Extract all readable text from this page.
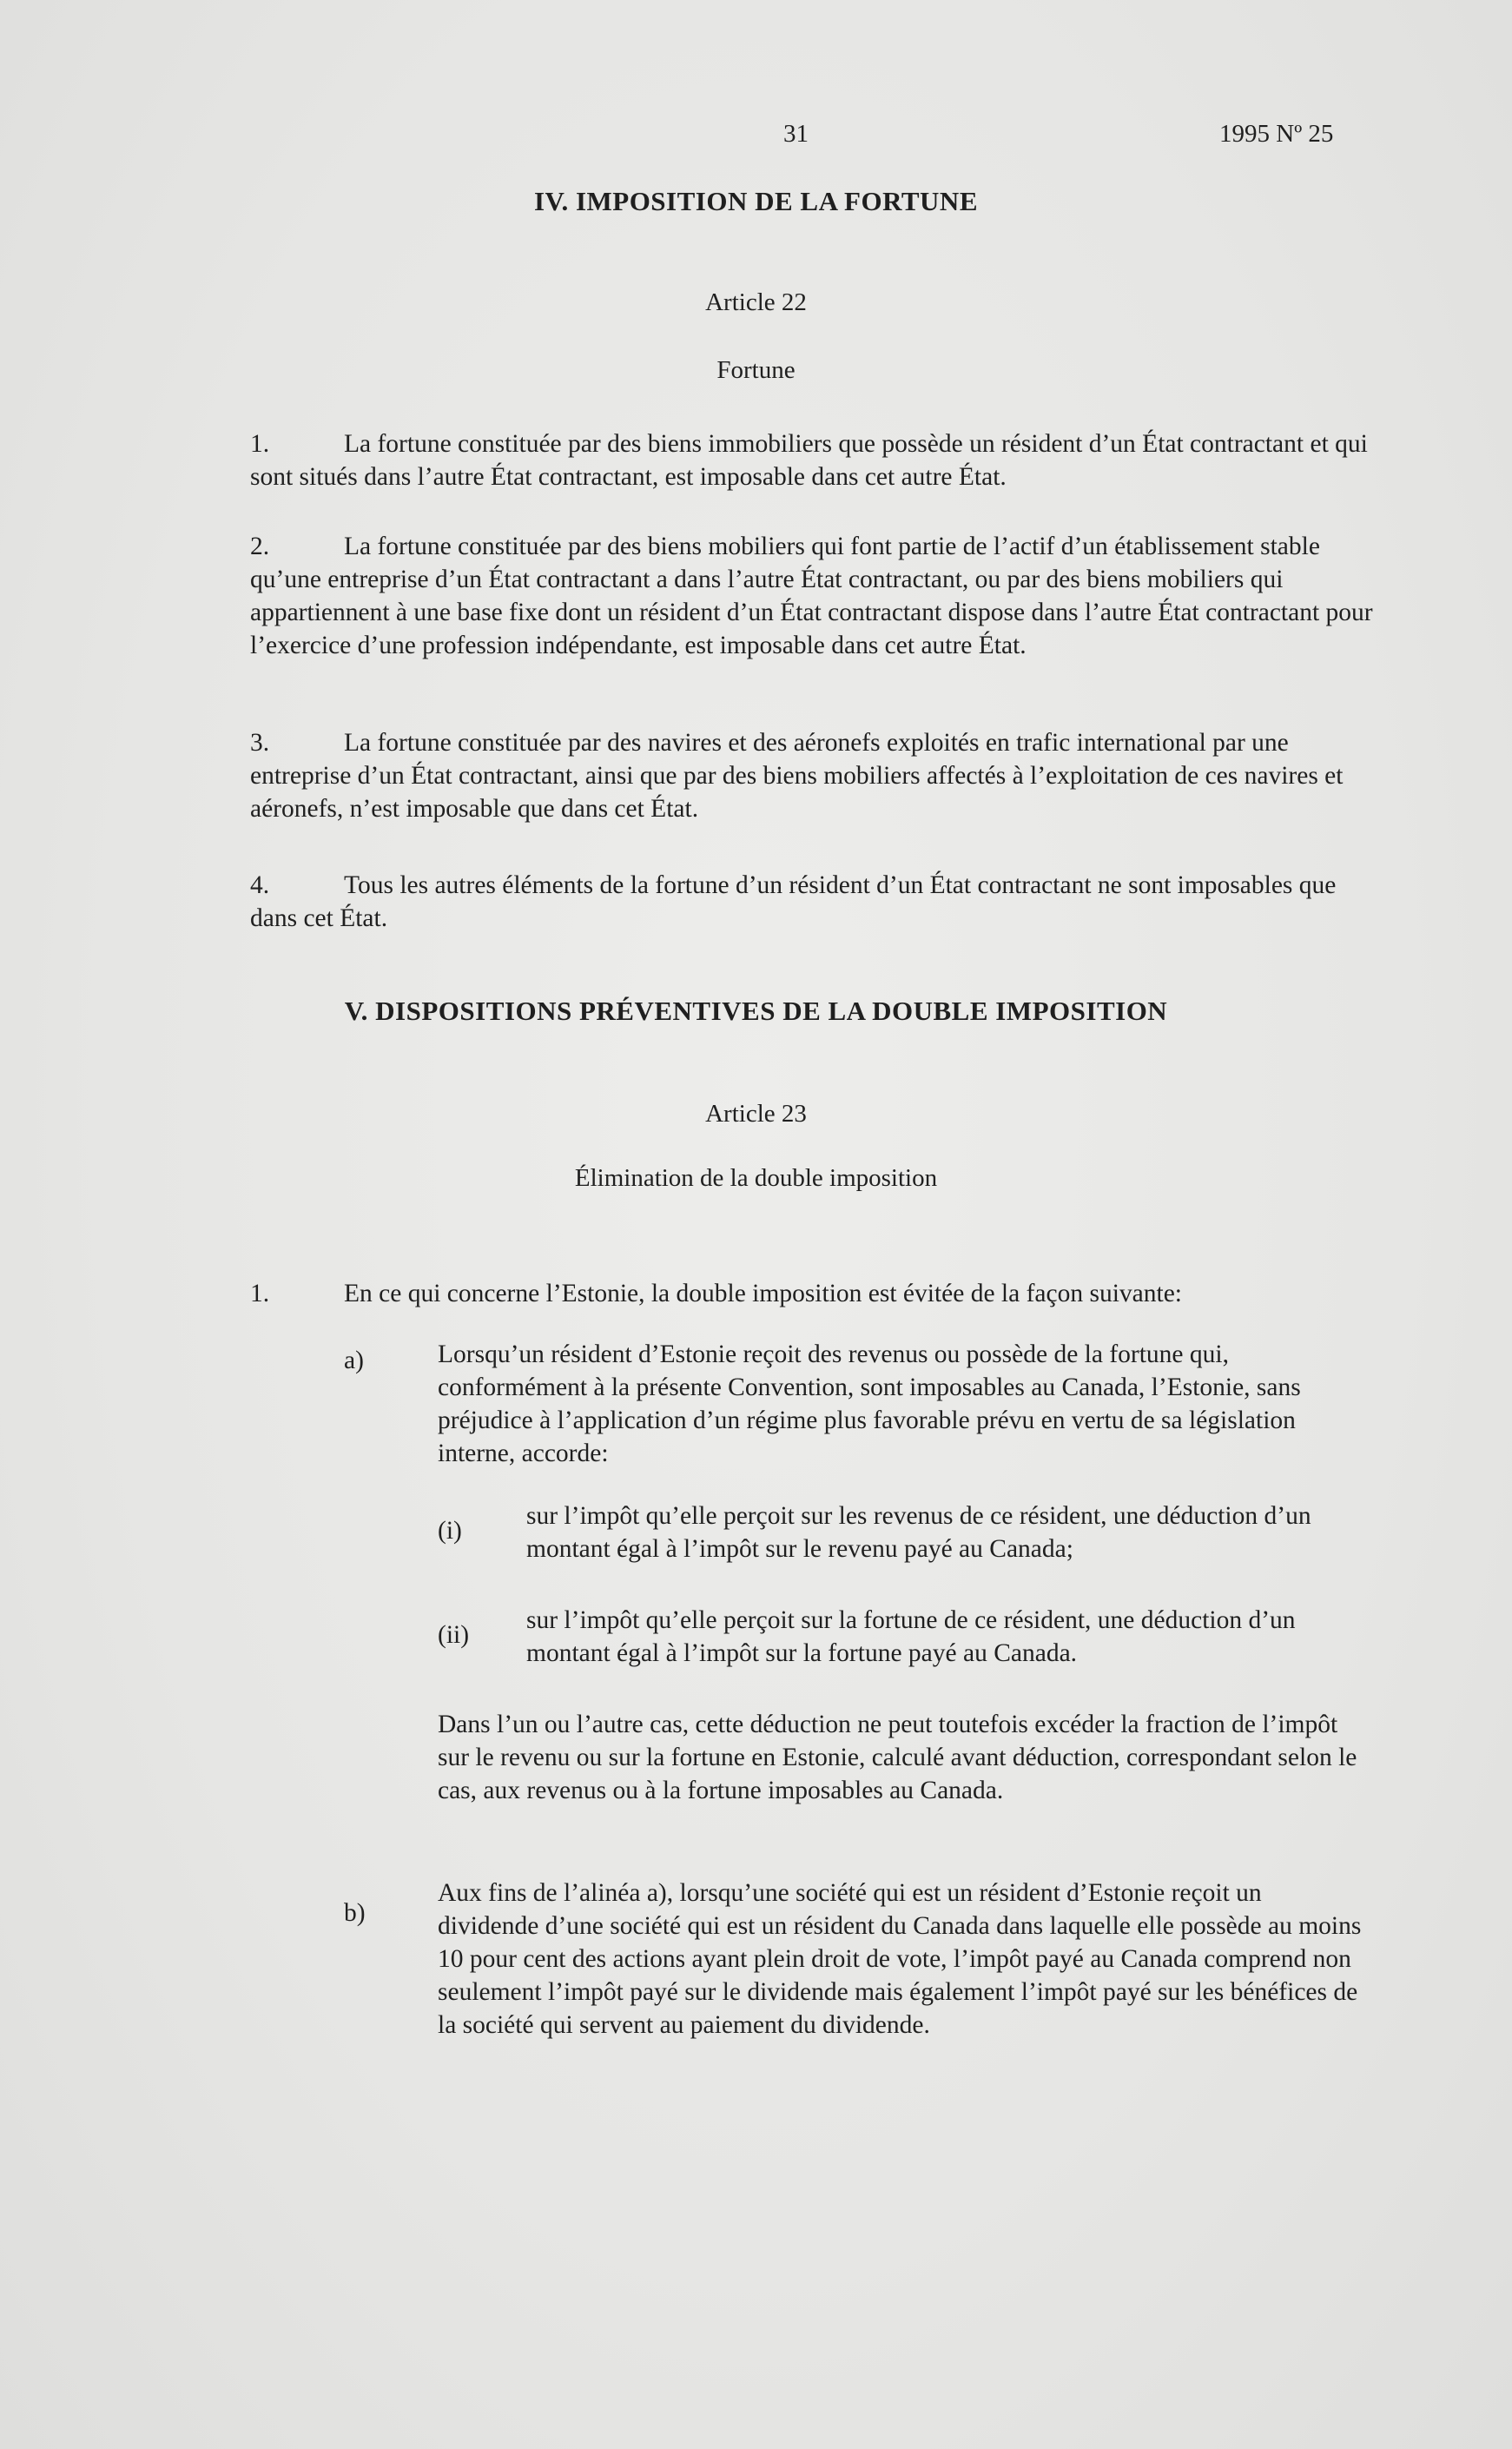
31	1995 Nº 25
IV. IMPOSITION DE LA FORTUNE
Article 22
Fortune
1.	La fortune constituée par des biens immobiliers que possède un résident d’un État contractant et qui sont situés dans l’autre État contractant, est imposable dans cet autre État.
2.	La fortune constituée par des biens mobiliers qui font partie de l’actif d’un établissement stable qu’une entreprise d’un État contractant a dans l’autre État contractant, ou par des biens mobiliers qui appartiennent à une base fixe dont un résident d’un État contractant dispose dans l’autre État contractant pour l’exercice d’une profession indépendante, est imposable dans cet autre État.
3.	La fortune constituée par des navires et des aéronefs exploités en trafic international par une entreprise d’un État contractant, ainsi que par des biens mobiliers affectés à l’exploitation de ces navires et aéronefs, n’est imposable que dans cet État.
4.	Tous les autres éléments de la fortune d’un résident d’un État contractant ne sont imposables que dans cet État.
V. DISPOSITIONS PRÉVENTIVES DE LA DOUBLE IMPOSITION
Article 23
Élimination de la double imposition
1.	En ce qui concerne l’Estonie, la double imposition est évitée de la façon suivante:
a)	Lorsqu’un résident d’Estonie reçoit des revenus ou possède de la fortune qui, conformément à la présente Convention, sont imposables au Canada, l’Estonie, sans préjudice à l’application d’un régime plus favorable prévu en vertu de sa législation interne, accorde:
(i)
sur l’impôt qu’elle perçoit sur les revenus de ce résident, une déduction d’un montant égal à l’impôt sur le revenu payé au Canada;
(ii)
sur l’impôt qu’elle perçoit sur la fortune de ce résident, une déduction d’un montant égal à l’impôt sur la fortune payé au Canada.
Dans l’un ou l’autre cas, cette déduction ne peut toutefois excéder la fraction de l’impôt sur le revenu ou sur la fortune en Estonie, calculé avant déduction, correspondant selon le cas, aux revenus ou à la fortune imposables au Canada.
b)
Aux fins de l’alinéa a), lorsqu’une société qui est un résident d’Estonie reçoit un dividende d’une société qui est un résident du Canada dans laquelle elle possède au moins 10 pour cent des actions ayant plein droit de vote, l’impôt payé au Canada comprend non seulement l’impôt payé sur le dividende mais également l’impôt payé sur les bénéfices de la société qui servent au paiement du dividende.
